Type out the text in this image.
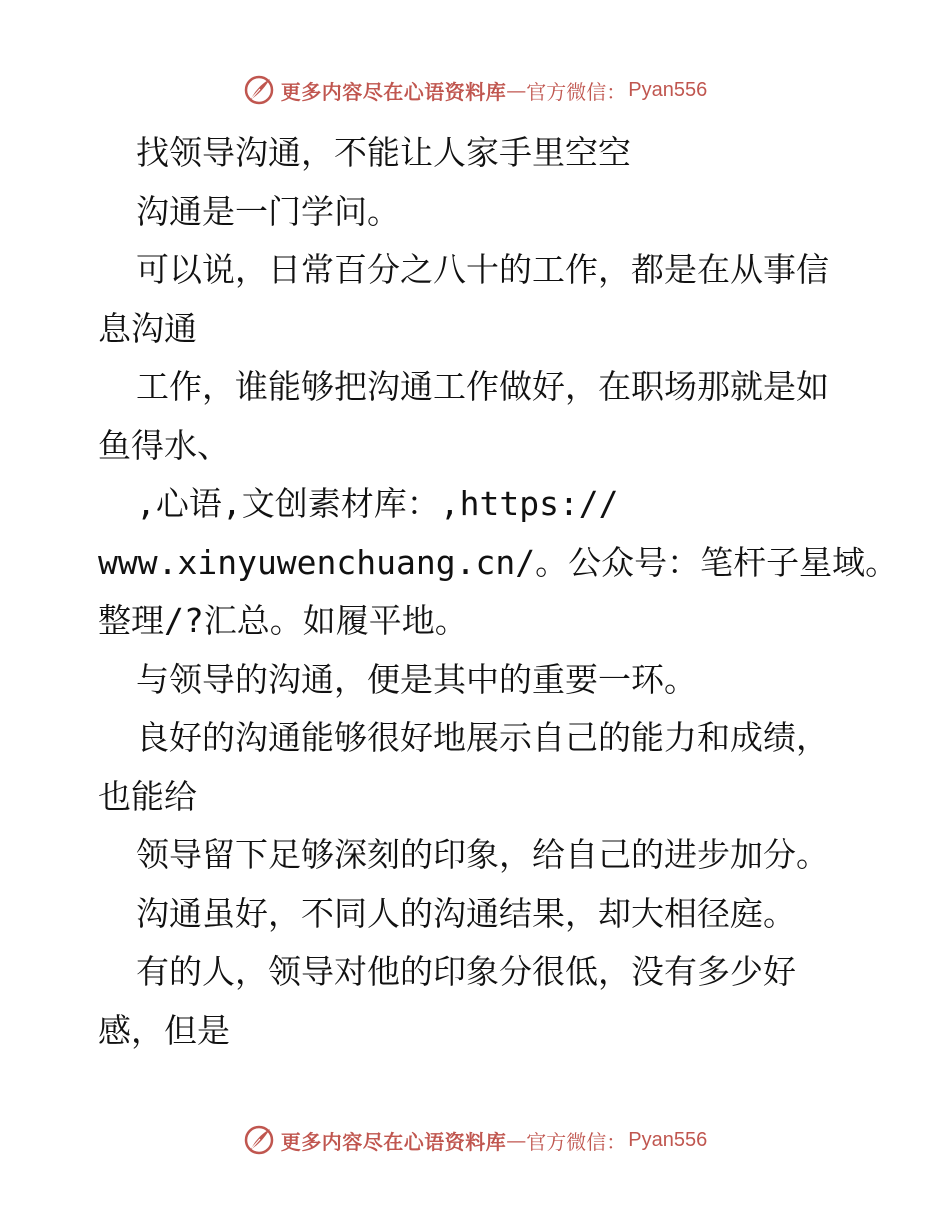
更多内容尽在心语资料库 — 官方微信： Pyan556
找领导沟通，不能让人家手里空空
沟通是一门学问。
可以说，日常百分之八十的工作，都是在从事信
息沟通
工作，谁能够把沟通工作做好，在职场那就是如
鱼得水、
,心语,文创素材库：,https://
www.xinyuwenchuang.cn/。公众号：笔杆子星域。
整理/?汇总。如履平地。
与领导的沟通，便是其中的重要一环。
良好的沟通能够很好地展示自己的能力和成绩，
也能给
领导留下足够深刻的印象，给自己的进步加分。
沟通虽好，不同人的沟通结果，却大相径庭。
有的人，领导对他的印象分很低，没有多少好
感，但是
更多内容尽在心语资料库 — 官方微信： Pyan556
